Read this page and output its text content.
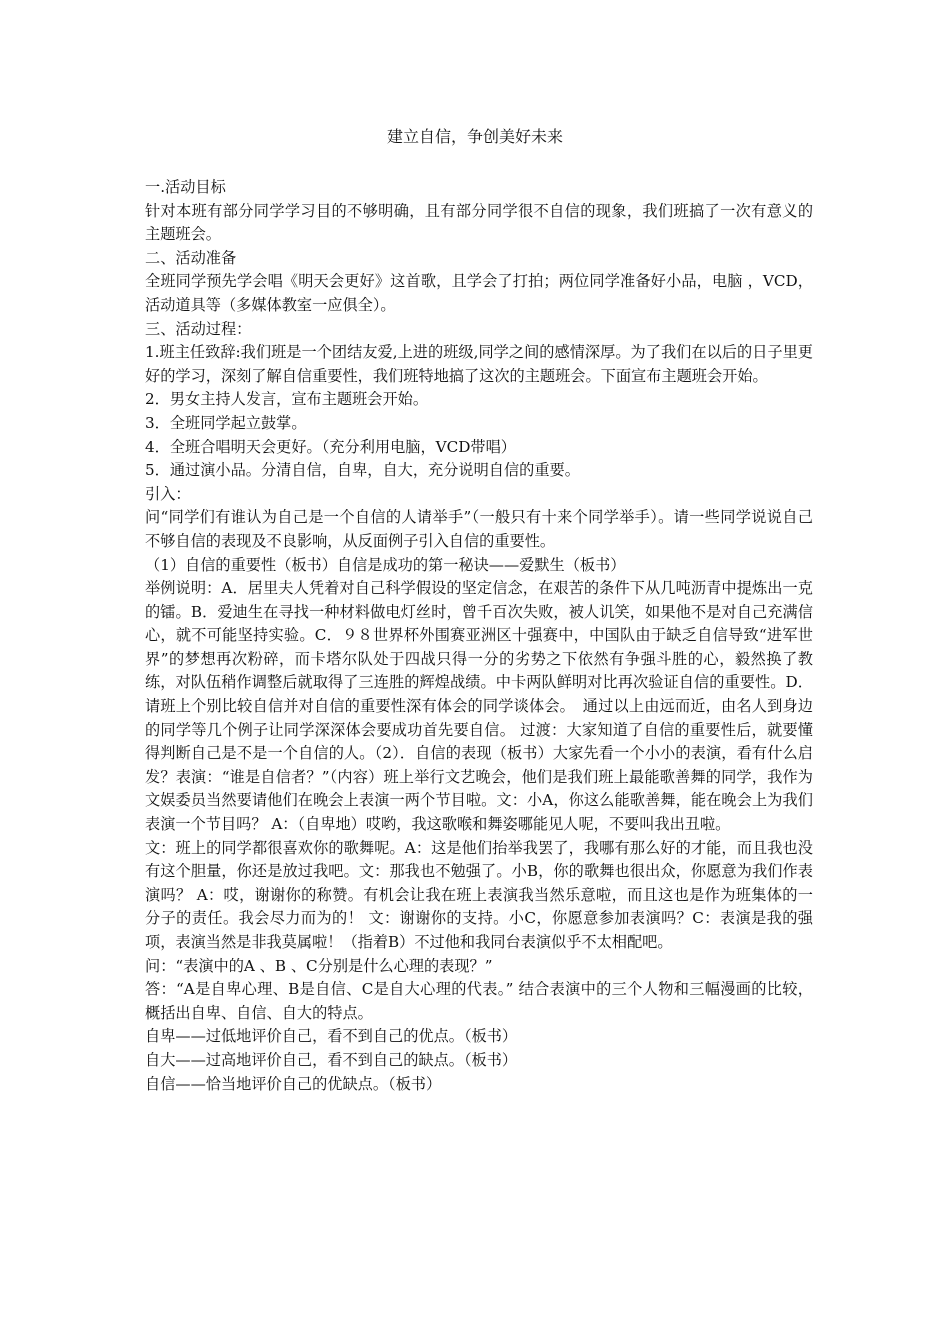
建立自信，争创美好未来

一.活动目标

针对本班有部分同学学习目的不够明确，且有部分同学很不自信的现象，我们班搞了一次有意义的主题班会。

二、活动准备

全班同学预先学会唱《明天会更好》这首歌，且学会了打拍；两位同学准备好小品，电脑 ，VCD，活动道具等（多媒体教室一应俱全）。

三、活动过程：

1.班主任致辞:我们班是一个团结友爱,上进的班级,同学之间的感情深厚。为了我们在以后的日子里更好的学习，深刻了解自信重要性，我们班特地搞了这次的主题班会。下面宣布主题班会开始。

2．男女主持人发言，宣布主题班会开始。

3．全班同学起立鼓掌。

4．全班合唱明天会更好。（充分利用电脑，VCD带唱）

5．通过演小品。分清自信，自卑，自大，充分说明自信的重要。

引入：

问“同学们有谁认为自己是一个自信的人请举手”（一般只有十来个同学举手）。请一些同学说说自己不够自信的表现及不良影响，从反面例子引入自信的重要性。

（1）自信的重要性（板书）自信是成功的第一秘诀——爱默生（板书）

举例说明：A．居里夫人凭着对自己科学假设的坚定信念，在艰苦的条件下从几吨沥青中提炼出一克的镭。B．爱迪生在寻找一种材料做电灯丝时，曾千百次失败，被人讥笑，如果他不是对自己充满信心，就不可能坚持实验。C．９８世界杯外围赛亚洲区十强赛中，中国队由于缺乏自信导致“进军世界”的梦想再次粉碎，而卡塔尔队处于四战只得一分的劣势之下依然有争强斗胜的心，毅然换了教练，对队伍稍作调整后就取得了三连胜的辉煌战绩。中卡两队鲜明对比再次验证自信的重要性。D．请班上个别比较自信并对自信的重要性深有体会的同学谈体会。　通过以上由远而近，由名人到身边的同学等几个例子让同学深深体会要成功首先要自信。 过渡：大家知道了自信的重要性后，就要懂得判断自己是不是一个自信的人。（2）．自信的表现（板书）大家先看一个小小的表演，看有什么启发？表演：“谁是自信者？”（内容）班上举行文艺晚会，他们是我们班上最能歌善舞的同学，我作为文娱委员当然要请他们在晚会上表演一两个节目啦。文：小A，你这么能歌善舞，能在晚会上为我们表演一个节目吗？ A：（自卑地）哎哟，我这歌喉和舞姿哪能见人呢，不要叫我出丑啦。

文：班上的同学都很喜欢你的歌舞呢。A：这是他们抬举我罢了，我哪有那么好的才能，而且我也没有这个胆量，你还是放过我吧。文：那我也不勉强了。小B，你的歌舞也很出众，你愿意为我们作表演吗？ A：哎，谢谢你的称赞。有机会让我在班上表演我当然乐意啦，而且这也是作为班集体的一分子的责任。我会尽力而为的！ 文：谢谢你的支持。小C，你愿意参加表演吗？C：表演是我的强项，表演当然是非我莫属啦！（指着B）不过他和我同台表演似乎不太相配吧。

问：“表演中的A 、B 、C分别是什么心理的表现？”

答：“A是自卑心理、B是自信、C是自大心理的代表。” 结合表演中的三个人物和三幅漫画的比较，概括出自卑、自信、自大的特点。

自卑——过低地评价自己，看不到自己的优点。（板书）

自大——过高地评价自己，看不到自己的缺点。（板书）

自信——恰当地评价自己的优缺点。（板书）
